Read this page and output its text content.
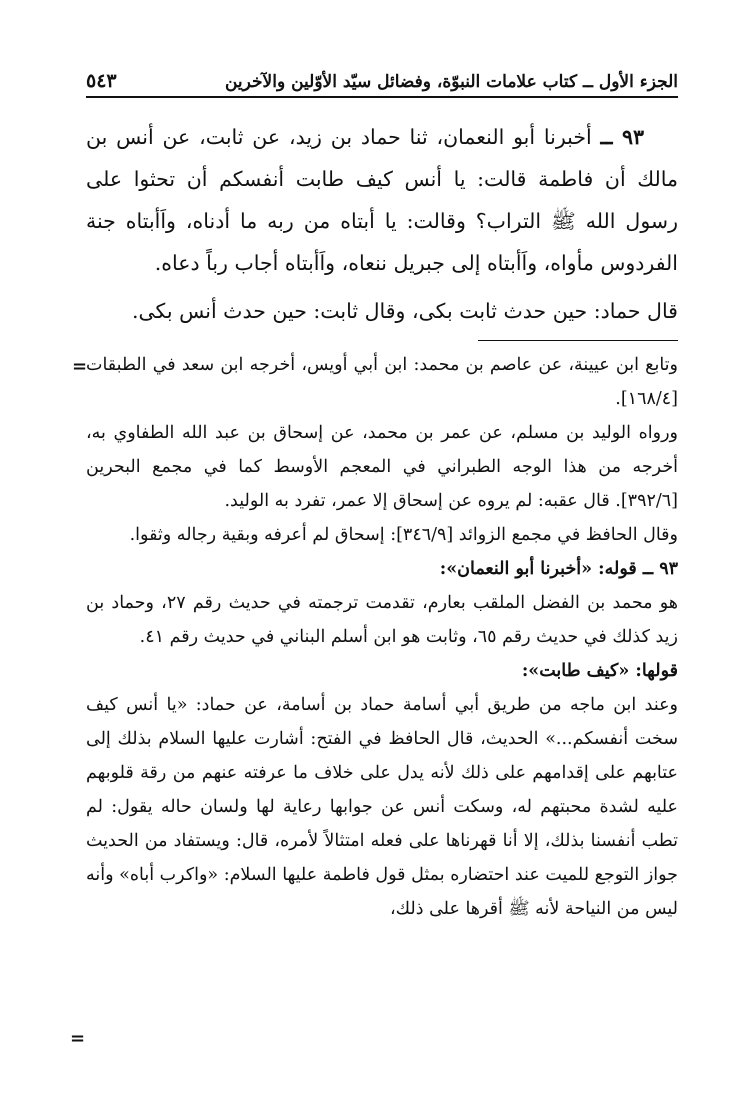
الجزء الأول ــ كتاب علامات النبوّة، وفضائل سيّد الأوّلين والآخرين
٥٤٣

٩٣ ــ أخبرنا أبو النعمان، ثنا حماد بن زيد، عن ثابت، عن أنس بن مالك أن فاطمة قالت: يا أنس كيف طابت أنفسكم أن تحثوا على رسول الله ﷺ التراب؟ وقالت: يا أبتاه من ربه ما أدناه، واَأبتاه جنة الفردوس مأواه، واَأبتاه إلى جبريل ننعاه، واَأبتاه أجاب رباً دعاه.

قال حماد: حين حدث ثابت بكى، وقال ثابت: حين حدث أنس بكى.

=

وتابع ابن عيينة، عن عاصم بن محمد: ابن أبي أويس، أخرجه ابن سعد في الطبقات [١٦٨/٤].

ورواه الوليد بن مسلم، عن عمر بن محمد، عن إسحاق بن عبد الله الطفاوي به، أخرجه من هذا الوجه الطبراني في المعجم الأوسط كما في مجمع البحرين [٣٩٢/٦]. قال عقبه: لم يروه عن إسحاق إلا عمر، تفرد به الوليد.

وقال الحافظ في مجمع الزوائد [٣٤٦/٩]: إسحاق لم أعرفه وبقية رجاله وثقوا.

٩٣ ــ قوله: «أخبرنا أبو النعمان»:

هو محمد بن الفضل الملقب بعارم، تقدمت ترجمته في حديث رقم ٢٧، وحماد بن زيد كذلك في حديث رقم ٦٥، وثابت هو ابن أسلم البناني في حديث رقم ٤١.

قولها: «كيف طابت»:

وعند ابن ماجه من طريق أبي أسامة حماد بن أسامة، عن حماد: «يا أنس كيف سخت أنفسكم...» الحديث، قال الحافظ في الفتح: أشارت عليها السلام بذلك إلى عتابهم على إقدامهم على ذلك لأنه يدل على خلاف ما عرفته عنهم من رقة قلوبهم عليه لشدة محبتهم له، وسكت أنس عن جوابها رعاية لها ولسان حاله يقول: لم تطب أنفسنا بذلك، إلا أنا قهرناها على فعله امتثالاً لأمره، قال: ويستفاد من الحديث جواز التوجع للميت عند احتضاره بمثل قول فاطمة عليها السلام: «واكرب أباه» وأنه ليس من النياحة لأنه ﷺ أقرها على ذلك،

=
